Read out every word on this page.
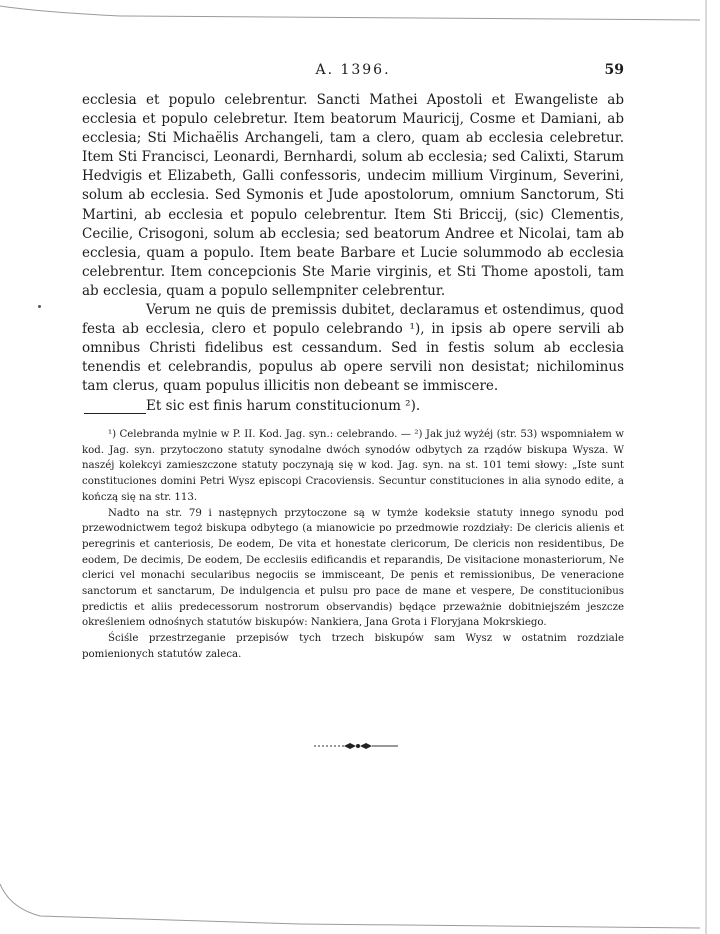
A. 1396.	59

ecclesia et populo celebrentur. Sancti Mathei Apostoli et Ewangeliste ab ecclesia et populo celebretur. Item beatorum Mauricij, Cosme et Damiani, ab ecclesia; Sti Michaëlis Archangeli, tam a clero, quam ab ecclesia celebretur. Item Sti Francisci, Leonardi, Bernhardi, solum ab ecclesia; sed Calixti, Starum Hedvigis et Elizabeth, Galli confessoris, undecim millium Virginum, Severini, solum ab ecclesia. Sed Symonis et Jude apostolorum, omnium Sanctorum, Sti Martini, ab ecclesia et populo celebrentur. Item Sti Briccij, (sic) Clementis, Cecilie, Crisogoni, solum ab ecclesia; sed beatorum Andree et Nicolai, tam ab ecclesia, quam a populo. Item beate Barbare et Lucie solummodo ab ecclesia celebrentur. Item concepcionis Ste Marie virginis, et Sti Thome apostoli, tam ab ecclesia, quam a populo sellempniter celebrentur.

Verum ne quis de premissis dubitet, declaramus et ostendimus, quod festa ab ecclesia, clero et populo celebrando ¹), in ipsis ab opere servili ab omnibus Christi fidelibus est cessandum. Sed in festis solum ab ecclesia tenendis et celebrandis, populus ab opere servili non desistat; nichilominus tam clerus, quam populus illicitis non debeant se immiscere.

Et sic est finis harum constitucionum ²).

¹) Celebranda mylnie w P. II. Kod. Jag. syn.: celebrando. — ²) Jak już wyżéj (str. 53) wspomniałem w kod. Jag. syn. przytoczono statuty synodalne dwóch synodów odbytych za rządów biskupa Wysza. W naszéj kolekcyi zamieszczone statuty poczynają się w kod. Jag. syn. na st. 101 temi słowy: „Iste sunt constituciones domini Petri Wysz episcopi Cracoviensis. Secuntur constituciones in alia synodo edite, a kończą się na str. 113.

Nadto na str. 79 i następnych przytoczone są w tymże kodeksie statuty innego synodu pod przewodnictwem tegoż biskupa odbytego (a mianowicie po przedmowie rozdziały: De clericis alienis et peregrinis et canteriosis, De eodem, De vita et honestate clericorum, De clericis non residentibus, De eodem, De decimis, De eodem, De ecclesiis edificandis et reparandis, De visitacione monasteriorum, Ne clerici vel monachi secularibus negociis se immisceant, De penis et remissionibus, De veneracione sanctorum et sanctarum, De indulgencia et pulsu pro pace de mane et vespere, De constitucionibus predictis et aliis predecessorum nostrorum observandis) będące przeważnie dobitniejszém jeszcze określeniem odnośnych statutów biskupów: Nankiera, Jana Grota i Floryjana Mokrskiego.

Ściśle przestrzeganie przepisów tych trzech biskupów sam Wysz w ostatnim rozdziale pomienionych statutów zaleca.
